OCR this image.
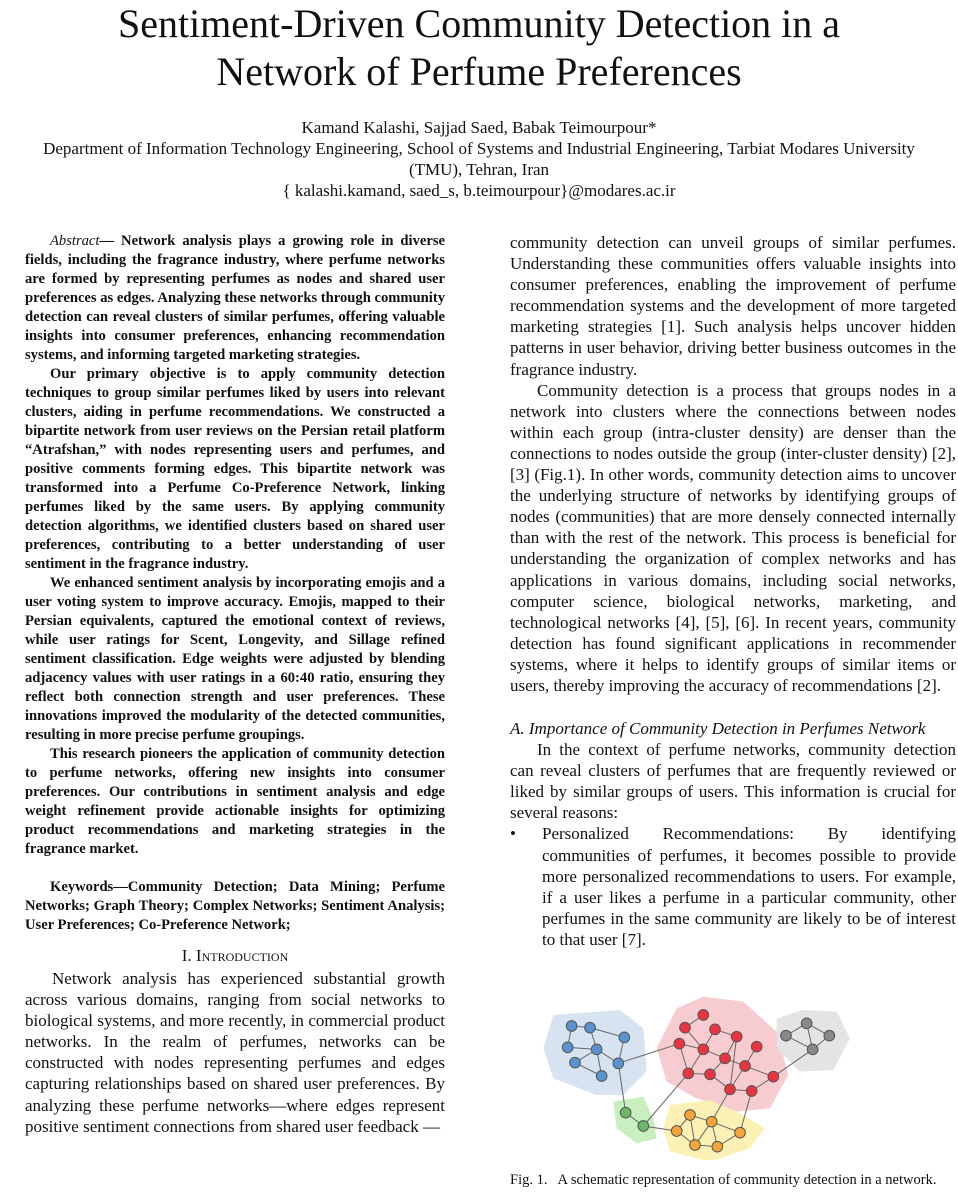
Sentiment-Driven Community Detection in a
Network of Perfume Preferences
Kamand Kalashi, Sajjad Saed, Babak Teimourpour*
Department of Information Technology Engineering, School of Systems and Industrial Engineering, Tarbiat Modares University
(TMU), Tehran, Iran
{ kalashi.kamand, saed_s, b.teimourpour}@modares.ac.ir

Abstract— Network analysis plays a growing role in diverse fields, including the fragrance industry, where perfume networks are formed by representing perfumes as nodes and shared user preferences as edges. Analyzing these networks through community detection can reveal clusters of similar perfumes, offering valuable insights into consumer preferences, enhancing recommendation systems, and informing targeted marketing strategies.

Our primary objective is to apply community detection techniques to group similar perfumes liked by users into relevant clusters, aiding in perfume recommendations. We constructed a bipartite network from user reviews on the Persian retail platform “Atrafshan,” with nodes representing users and perfumes, and positive comments forming edges. This bipartite network was transformed into a Perfume Co-Preference Network, linking perfumes liked by the same users. By applying community detection algorithms, we identified clusters based on shared user preferences, contributing to a better understanding of user sentiment in the fragrance industry.

We enhanced sentiment analysis by incorporating emojis and a user voting system to improve accuracy. Emojis, mapped to their Persian equivalents, captured the emotional context of reviews, while user ratings for Scent, Longevity, and Sillage refined sentiment classification. Edge weights were adjusted by blending adjacency values with user ratings in a 60:40 ratio, ensuring they reflect both connection strength and user preferences. These innovations improved the modularity of the detected communities, resulting in more precise perfume groupings.

This research pioneers the application of community detection to perfume networks, offering new insights into consumer preferences. Our contributions in sentiment analysis and edge weight refinement provide actionable insights for optimizing product recommendations and marketing strategies in the fragrance market.

Keywords—Community Detection; Data Mining; Perfume Networks; Graph Theory; Complex Networks; Sentiment Analysis; User Preferences; Co-Preference Network;

I. Introduction

Network analysis has experienced substantial growth across various domains, ranging from social networks to biological systems, and more recently, in commercial product networks. In the realm of perfumes, networks can be constructed with nodes representing perfumes and edges capturing relationships based on shared user preferences. By analyzing these perfume networks—where edges represent positive sentiment connections from shared user feedback —

community detection can unveil groups of similar perfumes. Understanding these communities offers valuable insights into consumer preferences, enabling the improvement of perfume recommendation systems and the development of more targeted marketing strategies [1]. Such analysis helps uncover hidden patterns in user behavior, driving better business outcomes in the fragrance industry.

Community detection is a process that groups nodes in a network into clusters where the connections between nodes within each group (intra-cluster density) are denser than the connections to nodes outside the group (inter-cluster density) [2], [3] (Fig.1). In other words, community detection aims to uncover the underlying structure of networks by identifying groups of nodes (communities) that are more densely connected internally than with the rest of the network. This process is beneficial for understanding the organization of complex networks and has applications in various domains, including social networks, computer science, biological networks, marketing, and technological networks [4], [5], [6]. In recent years, community detection has found significant applications in recommender systems, where it helps to identify groups of similar items or users, thereby improving the accuracy of recommendations [2].

A. Importance of Community Detection in Perfumes Network

In the context of perfume networks, community detection can reveal clusters of perfumes that are frequently reviewed or liked by similar groups of users. This information is crucial for several reasons:

•	Personalized Recommendations: By identifying communities of perfumes, it becomes possible to provide more personalized recommendations to users. For example, if a user likes a perfume in a particular community, other perfumes in the same community are likely to be of interest to that user [7].
Fig. 1.   A schematic representation of community detection in a network.
